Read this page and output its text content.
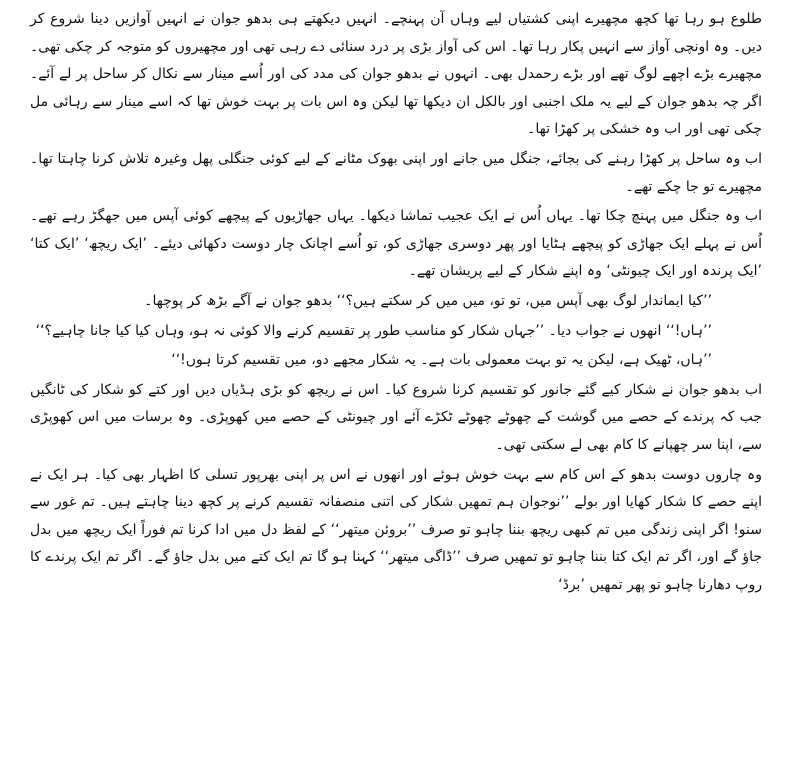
طلوع ہو رہا تھا کچھ مچھیرے اپنی کشتیاں لیے وہاں آن پہنچے۔ انہیں دیکھتے ہی بدھو جوان نے انہیں آوازیں دینا شروع کر دیں۔ وہ اونچی آواز سے انہیں پکار رہا تھا۔ اس کی آواز بڑی پر درد سنائی دے رہی تھی اور مچھیروں کو متوجہ کر چکی تھی۔ مچھیرے بڑے اچھے لوگ تھے اور بڑے رحمدل بھی۔ انہوں نے بدھو جوان کی مدد کی اور اُسے مینار سے نکال کر ساحل پر لے آئے۔ اگر چہ بدھو جوان کے لیے یہ ملک اجنبی اور بالکل ان دیکھا تھا لیکن وہ اس بات پر بہت خوش تھا کہ اسے مینار سے رہائی مل چکی تھی اور اب وہ خشکی پر کھڑا تھا۔

اب وہ ساحل پر کھڑا رہنے کی بجائے، جنگل میں جانے اور اپنی بھوک مٹانے کے لیے کوئی جنگلی پھل وغیرہ تلاش کرنا چاہتا تھا۔ مچھیرے تو جا چکے تھے۔

اب وہ جنگل میں پہنچ چکا تھا۔ یہاں اُس نے ایک عجیب تماشا دیکھا۔ یہاں جھاڑیوں کے پیچھے کوئی آپس میں جھگڑ رہے تھے۔ اُس نے پہلے ایک جھاڑی کو پیچھے ہٹایا اور پھر دوسری جھاڑی کو، تو اُسے اچانک چار دوست دکھائی دیئے۔ ’ایک ریچھ‘ ’ایک کتا‘ ’ایک پرندہ اور ایک چیونٹی‘ وہ اپنے شکار کے لیے پریشان تھے۔

’’کیا ایماندار لوگ بھی آپس میں، تو تو، میں میں کر سکتے ہیں؟‘‘ بدھو جوان نے آگے بڑھ کر پوچھا۔

’’ہاں!‘‘ انھوں نے جواب دیا۔ ’’جہاں شکار کو مناسب طور پر تقسیم کرنے والا کوئی نہ ہو، وہاں کیا کیا جانا چاہیے؟‘‘

’’ہاں، ٹھیک ہے، لیکن یہ تو بہت معمولی بات ہے۔ یہ شکار مجھے دو، میں تقسیم کرتا ہوں!‘‘

اب بدھو جوان نے شکار کیے گئے جانور کو تقسیم کرنا شروع کیا۔ اس نے ریچھ کو بڑی ہڈیاں دیں اور کتے کو شکار کی ٹانگیں جب کہ پرندے کے حصے میں گوشت کے چھوٹے چھوٹے ٹکڑے آئے اور چیونٹی کے حصے میں کھوپڑی۔ وہ برسات میں اس کھوپڑی سے، اپنا سر چھپانے کا کام بھی لے سکتی تھی۔

وہ چاروں دوست بدھو کے اس کام سے بہت خوش ہوئے اور انھوں نے اس پر اپنی بھرپور تسلی کا اظہار بھی کیا۔ ہر ایک نے اپنے حصے کا شکار کھایا اور بولے ’’نوجوان ہم تمھیں شکار کی اتنی منصفانہ تقسیم کرنے پر کچھ دینا چاہتے ہیں۔ تم غور سے سنو! اگر اپنی زندگی میں تم کبھی ریچھ بننا چاہو تو صرف ’’بروئن میتھر‘‘ کے لفظ دل میں ادا کرنا تم فوراً ایک ریچھ میں بدل جاؤ گے اور، اگر تم ایک کتا بننا چاہو تو تمھیں صرف ’’ڈاگی میتھر‘‘ کہنا ہو گا تم ایک کتے میں بدل جاؤ گے۔ اگر تم ایک پرندے کا روپ دھارنا چاہو تو پھر تمھیں ’برڈ‘
